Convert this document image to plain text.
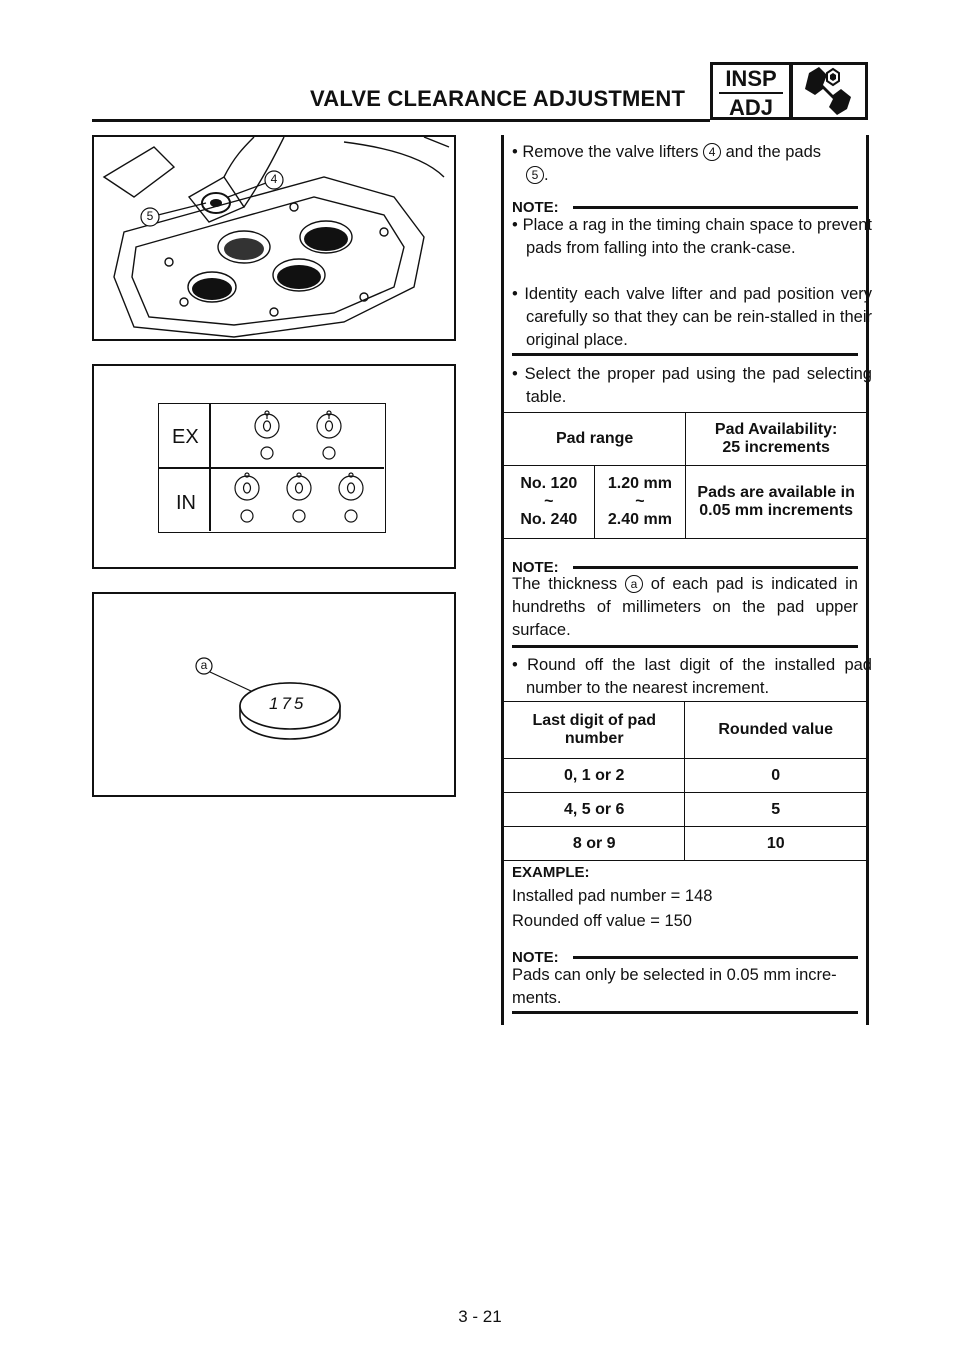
VALVE CLEARANCE ADJUSTMENT
INSP
ADJ
4
5
EX
IN
a
175
• Remove the valve lifters 4 and the pads
5 .
NOTE:
• Place a rag in the timing chain space to prevent pads from falling into the crank-case.
• Identity each valve lifter and pad position very carefully so that they can be rein-stalled in their original place.
• Select the proper pad using the pad selecting table.
Pad range		Pad Availability:
25 increments
No. 120
~
No. 240	1.20 mm
~
2.40 mm	Pads are available in
0.05 mm increments
NOTE:
The thickness a of each pad is indicated in hundreths of millimeters on the pad upper surface.
• Round off the last digit of the installed pad number to the nearest increment.
Last digit of pad
number	Rounded value
0, 1 or 2	0
4, 5 or 6	5
8 or 9	10
EXAMPLE:
Installed pad number = 148
Rounded off value = 150
NOTE:
Pads can only be selected in 0.05 mm incre-ments.
3 - 21
